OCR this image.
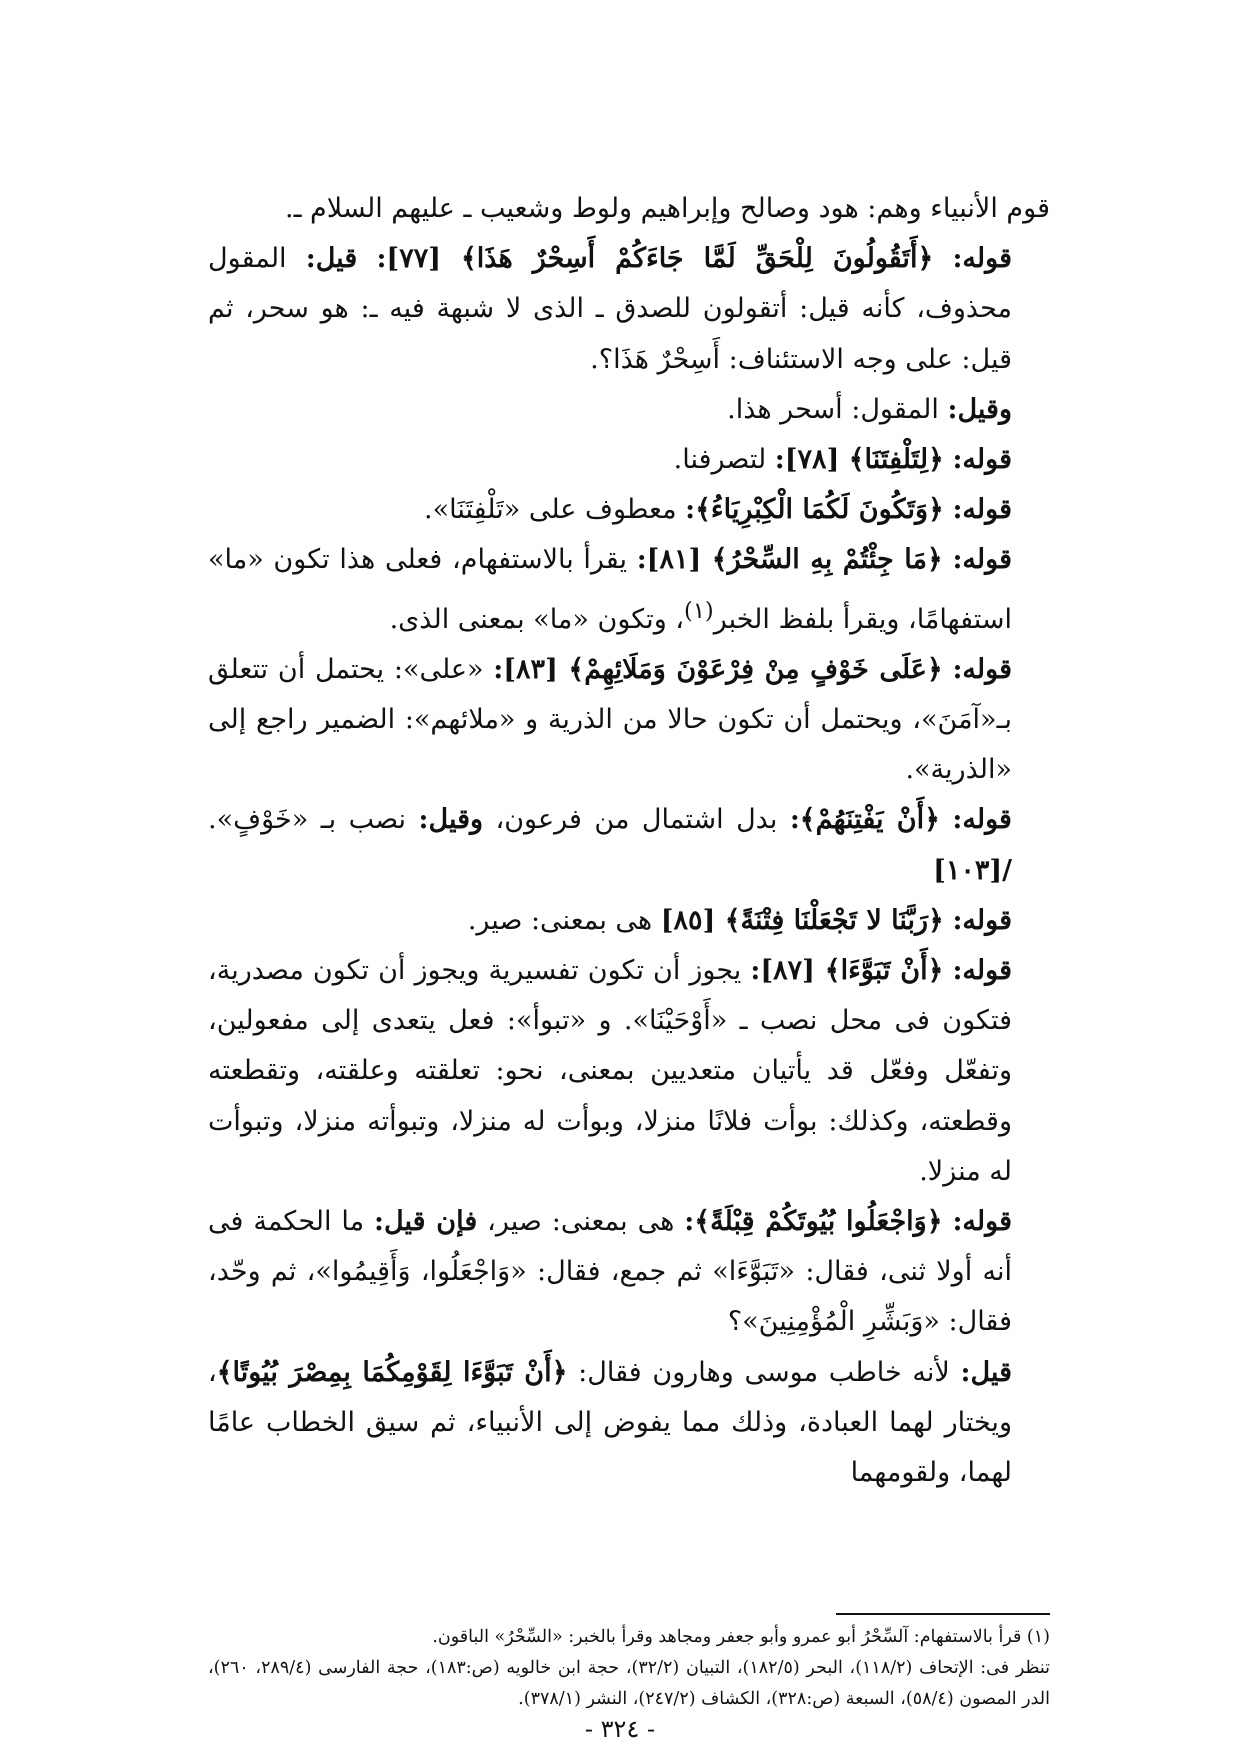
قوم الأنبياء وهم: هود وصالح وإبراهيم ولوط وشعيب ـ عليهم السلام ـ.

قوله: ﴿أَتَقُولُونَ لِلْحَقِّ لَمَّا جَاءَكُمْ أَسِحْرٌ هَذَا﴾ [٧٧]: قيل: المقول محذوف، كأنه قيل: أتقولون للصدق ـ الذى لا شبهة فيه ـ: هو سحر، ثم قيل: على وجه الاستئناف: أَسِحْرٌ هَذَا؟.

وقيل: المقول: أسحر هذا.

قوله: ﴿لِتَلْفِتَنَا﴾ [٧٨]: لتصرفنا.

قوله: ﴿وَتَكُونَ لَكُمَا الْكِبْرِيَاءُ﴾: معطوف على «تَلْفِتَنَا».

قوله: ﴿مَا جِئْتُمْ بِهِ السِّحْرُ﴾ [٨١]: يقرأ بالاستفهام، فعلى هذا تكون «ما» استفهامًا، ويقرأ بلفظ الخبر$^{(١)}$، وتكون «ما» بمعنى الذى.

قوله: ﴿عَلَى خَوْفٍ مِنْ فِرْعَوْنَ وَمَلَائِهِمْ﴾ [٨٣]: «على»: يحتمل أن تتعلق بـ«آمَنَ»، ويحتمل أن تكون حالا من الذرية و «ملائهم»: الضمير راجع إلى «الذرية».

قوله: ﴿أَنْ يَفْتِنَهُمْ﴾: بدل اشتمال من فرعون، وقيل: نصب بـ «خَوْفٍ». /[١٠٣]

قوله: ﴿رَبَّنَا لا تَجْعَلْنَا فِتْنَةً﴾ [٨٥] هى بمعنى: صير.

قوله: ﴿أَنْ تَبَوَّءَا﴾ [٨٧]: يجوز أن تكون تفسيرية ويجوز أن تكون مصدرية، فتكون فى محل نصب ـ «أَوْحَيْنَا». و «تبوأ»: فعل يتعدى إلى مفعولين، وتفعّل وفعّل قد يأتيان متعديين بمعنى، نحو: تعلقته وعلقته، وتقطعته وقطعته، وكذلك: بوأت فلانًا منزلا، وبوأت له منزلا، وتبوأته منزلا، وتبوأت له منزلا.

قوله: ﴿وَاجْعَلُوا بُيُوتَكُمْ قِبْلَةً﴾: هى بمعنى: صير، فإن قيل: ما الحكمة فى أنه أولا ثنى، فقال: «تَبَوَّءَا» ثم جمع، فقال: «وَاجْعَلُوا، وَأَقِيمُوا»، ثم وحّد، فقال: «وَبَشِّرِ الْمُؤْمِنِينَ»؟

قيل: لأنه خاطب موسى وهارون فقال: ﴿أَنْ تَبَوَّءَا لِقَوْمِكُمَا بِمِصْرَ بُيُوتًا﴾، ويختار لهما العبادة، وذلك مما يفوض إلى الأنبياء، ثم سيق الخطاب عامًا لهما، ولقومهما

(١) قرأ بالاستفهام: آلسِّحْرُ أبو عمرو وأبو جعفر ومجاهد وقرأ بالخبر: «السِّحْرُ» الباقون.

تنظر فى: الإتحاف (١١٨/٢)، البحر (١٨٢/٥)، التبيان (٣٢/٢)، حجة ابن خالويه (ص:١٨٣)، حجة الفارسى (٢٨٩/٤، ٢٦٠)، الدر المصون (٥٨/٤)، السبعة (ص:٣٢٨)، الكشاف (٢٤٧/٢)، النشر (٣٧٨/١).

- ٣٢٤ -
